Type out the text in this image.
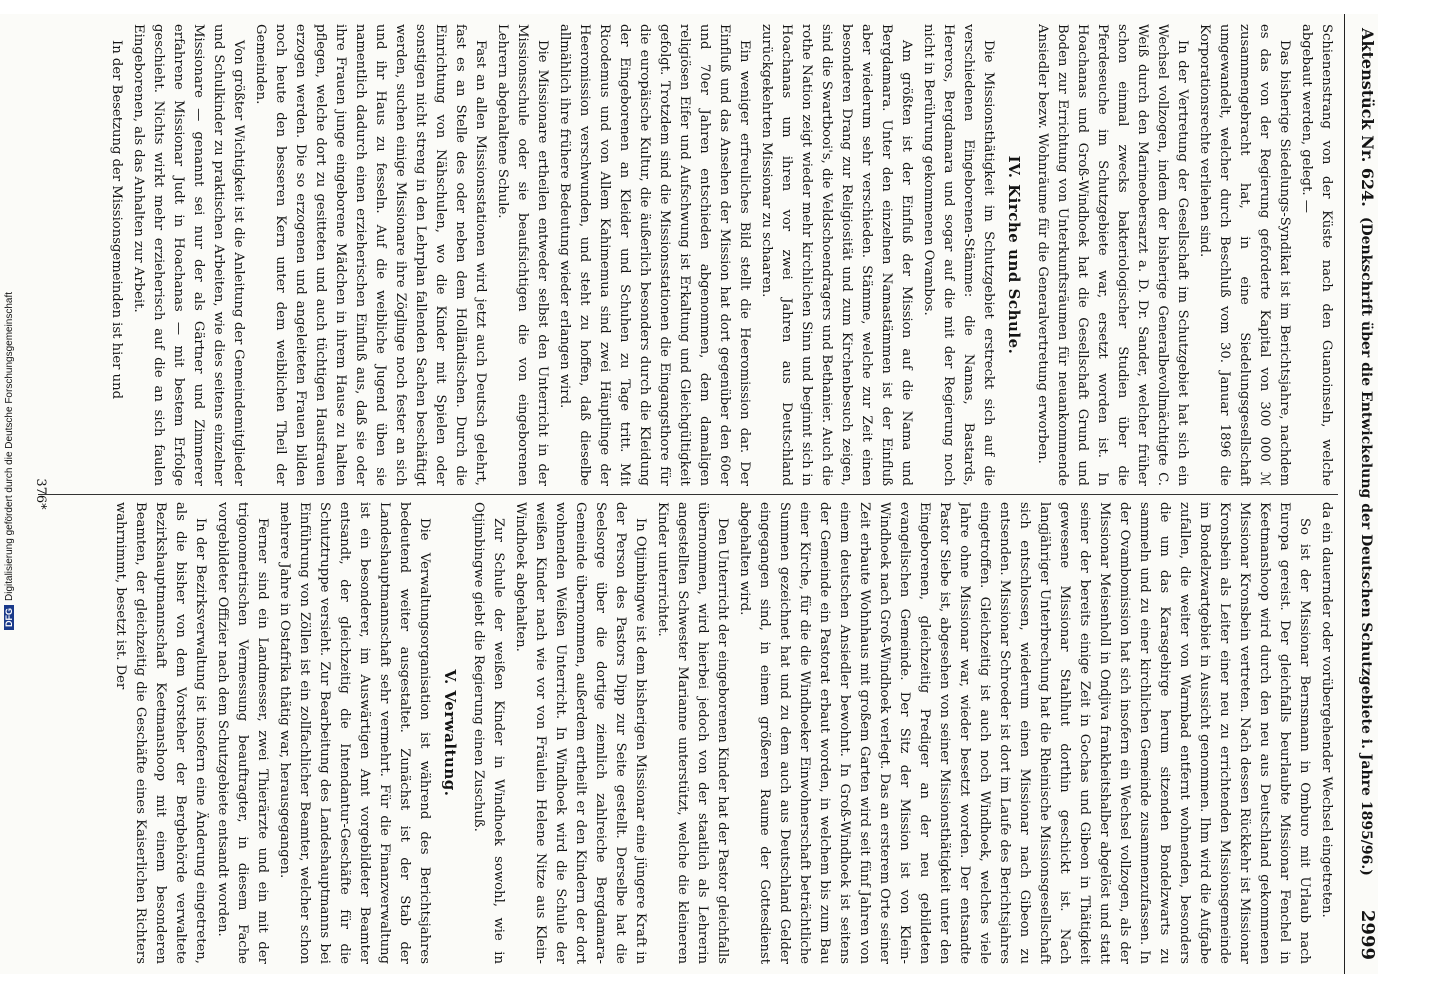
Aktenstück Nr. 624.
(Denkschrift über die Entwickelung der Deutschen Schutzgebiete i. Jahre 1895/96.)
2999

Schienenstrang von der Küste nach den Guanoinseln, welche abgebaut werden, gelegt. —

Das bisherige Siedelungs-Syndikat ist im Berichtsjahre, nachdem es das von der Regierung geforderte Kapital von 300 000 ℳ zusammengebracht hat, in eine Siedelungsgesellschaft umgewandelt, welcher durch Beschluß vom 30. Januar 1896 die Korporationsrechte verliehen sind.

In der Vertretung der Gesellschaft im Schutzgebiet hat sich ein Wechsel vollzogen, indem der bisherige Generalbevollmächtigte C. Weiß durch den Marineobersarzt a. D. Dr. Sander, welcher früher schon einmal zwecks bakteriologischer Studien über die Pferdeseuche im Schutzgebiete war, ersetzt worden ist. In Hoachanas und Groß-Windhoek hat die Gesellschaft Grund und Boden zur Errichtung von Unterkunftsräumen für neuankommende Ansiedler bezw. Wohnräume für die Generalvertretung erworben.

IV. Kirche und Schule.

Die Missionsthätigkeit im Schutzgebiet erstreckt sich auf die verschiedenen Eingeborenen-Stämme: die Namas, Bastards, Hereros, Bergdamara und sogar auf die mit der Regierung noch nicht in Berührung gekommenen Ovambos.

Am größten ist der Einfluß der Mission auf die Nama und Bergdamara. Unter den einzelnen Namastämmen ist der Einfluß aber wiederum sehr verschieden. Stämme, welche zur Zeit einen besonderen Drang zur Religiosität und zum Kirchenbesuch zeigen, sind die Swartbooi's, die Veldschoendragers und Bethanier. Auch die rothe Nation zeigt wieder mehr kirchlichen Sinn und beginnt sich in Hoachanas um ihren vor zwei Jahren aus Deutschland zurückgekehrten Missionar zu schaaren.

Ein weniger erfreuliches Bild stellt die Heeromission dar. Der Einfluß und das Ansehen der Mission hat dort gegenüber den 60er und 70er Jahren entschieden abgenommen, dem damaligen religiösen Eifer und Aufschwung ist Erkaltung und Gleichgültigkeit gefolgt. Trotzdem sind die Missionsstationen die Eingangsthore für die europäische Kultur, die äußerlich besonders durch die Kleidung der Eingeborenen an Kleider und Schuhen zu Tage tritt. Mit Ricodemus und von Allem Kahimemua sind zwei Häuptlinge der Heeromission verschwunden, und steht zu hoffen, daß dieselbe allmählich ihre frühere Bedeutung wieder erlangen wird.

Die Missionare ertheilen entweder selbst den Unterricht in der Missionsschule oder sie beaufsichtigen die von eingeborenen Lehrern abgehaltene Schule.

Fast an allen Missionsstationen wird jetzt auch Deutsch gelehrt, fast es an Stelle des oder neben dem Holländischen. Durch die Einrichtung von Nähschulen, wo die Kinder mit Spielen oder sonstigen nicht streng in den Lehrplan fallenden Sachen beschäftigt werden, suchen einige Missionare ihre Zöglinge noch fester an sich und ihr Haus zu fesseln. Auf die weibliche Jugend üben sie namentlich dadurch einen erzieherischen Einfluß aus, daß sie oder ihre Frauen junge eingeborene Mädchen in ihrem Hause zu halten pflegen, welche dort zu gesitteten und auch tüchtigen Hausfrauen erzogen werden. Die so erzogenen und angeleiteten Frauen bilden noch heute den besseren Kern unter dem weiblichen Theil der Gemeinden.

Von größter Wichtigkeit ist die Anleitung der Gemeindemitglieder und Schulkinder zu praktischen Arbeiten, wie dies seitens einzelner Missionare — genannt sei nur der als Gärtner und Zimmerer erfahrene Missionar Judt in Hoachanas — mit bestem Erfolge geschieht. Nichts wirkt mehr erzieherisch auf die an sich faulen Eingeborenen, als das Anhalten zur Arbeit.

In der Besetzung der Missionsgemeinden ist hier und

da ein dauernder oder vorübergehender Wechsel eingetreten.

So ist der Missionar Bernsmann in Omburo mit Urlaub nach Europa gereist. Der gleichfalls beurlaubte Missionar Fenchel in Keetmanshoop wird durch den neu aus Deutschland gekommenen Missionar Kronsbein vertreten. Nach dessen Rückkehr ist Missionar Kronsbein als Leiter einer neu zu errichtenden Missionsgemeinde im Bondelzwartgebiet in Aussicht genommen. Ihm wird die Aufgabe zufallen, die weiter von Warmbad entfernt wohnenden, besonders die um das Karasgebirge herum sitzenden Bondelzwarts zu sammeln und zu einer kirchlichen Gemeinde zusammenzufassen. In der Ovambomission hat sich insofern ein Wechsel vollzogen, als der Missionar Meisenholl in Ondjiva frankheitshalber abgelöst und statt seiner der bereits einige Zeit in Gochas und Gibeon in Thätigkeit gewesene Missionar Stahlhut dorthin geschickt ist. Nach langjähriger Unterbrechung hat die Rheinische Missionsgesellschaft sich entschlossen, wiederum einen Missionar nach Gibeon zu entsenden. Missionar Schroeder ist dort im Laufe des Berichtsjahres eingetroffen. Gleichzeitig ist auch noch Windhoek, welches viele Jahre ohne Missionar war, wieder besetzt worden. Der entsandte Pastor Siebe ist, abgesehen von seiner Missionsthätigkeit unter den Eingeborenen, gleichzeitig Prediger an der neu gebildeten evangelischen Gemeinde. Der Sitz der Mission ist von Klein-Windhoek nach Groß-Windhoek verlegt. Das an ersterem Orte seiner Zeit erbaute Wohnhaus mit großem Garten wird seit fünf Jahren von einem deutschen Ansiedler bewohnt. In Groß-Windhoek ist seitens der Gemeinde ein Pastorat erbaut worden, in welchem bis zum Bau einer Kirche, für die die Windhoeker Einwohnerschaft beträchtliche Summen gezeichnet hat und zu dem auch aus Deutschland Gelder eingegangen sind, in einem größeren Raume der Gottesdienst abgehalten wird.

Den Unterricht der eingeborenen Kinder hat der Pastor gleichfalls übernommen, wird hierbei jedoch von der staatlich als Lehrerin angestellten Schwester Marianne unterstützt, welche die kleineren Kinder unterrichtet.

In Otjimbingwe ist dem bisherigen Missionar eine jüngere Kraft in der Person des Pastors Dipp zur Seite gestellt. Derselbe hat die Seelsorge über die dortige ziemlich zahlreiche Bergdamara-Gemeinde übernommen, außerdem ertheilt er den Kindern der dort wohnenden Weißen Unterricht. In Windhoek wird die Schule der weißen Kinder nach wie vor von Fräulein Helene Nitze aus Klein-Windhoek abgehalten.

Zur Schule der weißen Kinder in Windhoek sowohl, wie in Otjimbingwe giebt die Regierung einen Zuschuß.

V. Verwaltung.

Die Verwaltungsorganisation ist während des Berichtsjahres bedeutend weiter ausgestaltet. Zunächst ist der Stab der Landeshauptmannschaft sehr vermehrt. Für die Finanzverwaltung ist ein besonderer, im Auswärtigen Amt vorgebildeter Beamter entsandt, der gleichzeitig die Intendantur-Geschäfte für die Schutztruppe versieht. Zur Bearbeitung des Landeshauptmanns bei Einführung von Zöllen ist ein zollfachlicher Beamter, welcher schon mehrere Jahre in Ostafrika thätig war, herausgegangen.

Ferner sind ein Landmesser, zwei Thierärzte und ein mit der trigonometrischen Vermessung beauftragter, in diesem Fache vorgebildeter Offizier nach dem Schutzgebiete entsandt worden.

In der Bezirksverwaltung ist insofern eine Änderung eingetreten, als die bisher von dem Vorsteher der Bergbehörde verwaltete Bezirkshauptmannschaft Keetmanshoop mit einem besonderen Beamten, der gleichzeitig die Geschäfte eines Kaiserlichen Richters wahrnimmt, besetzt ist. Der

376*
DFGDigitalisierung gefördert durch die Deutsche Forschungsgemeinschaft
